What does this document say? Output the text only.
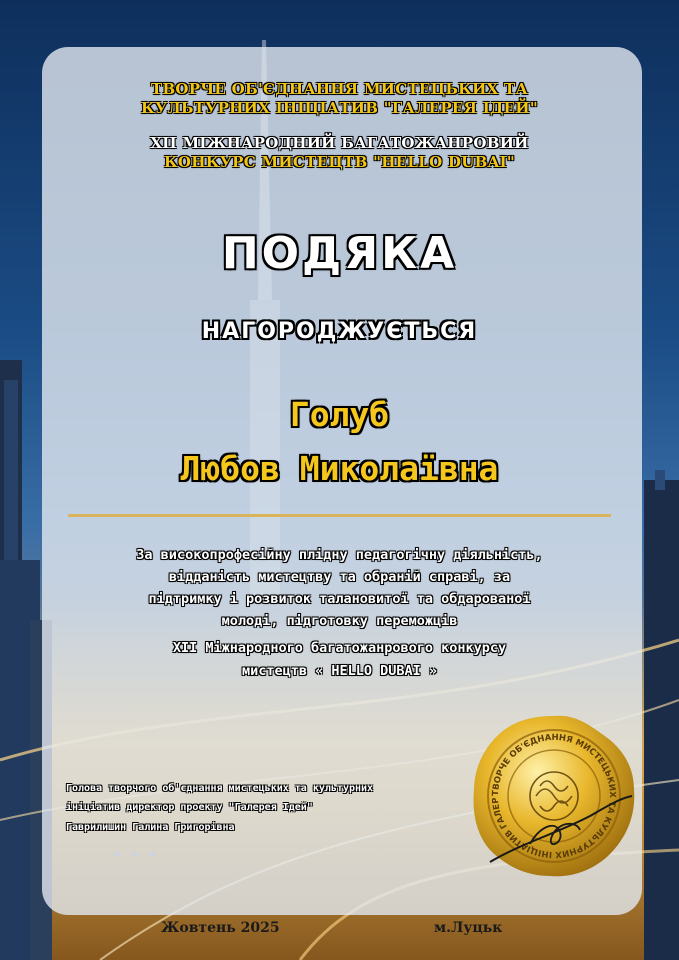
ТВОРЧЕ ОБ'ЄДНАННЯ МИСТЕЦЬКИХ ТА

КУЛЬТУРНИХ ІНІЦІАТИВ "ГАЛЕРЕЯ ІДЕЙ"

XII МІЖНАРОДНИЙ БАГАТОЖАНРОВИЙ

КОНКУРС МИСТЕЦТВ "HELLO DUBAI"

ПОДЯКА

НАГОРОДЖУЄТЬСЯ

Голуб

Любов Миколаївна

За високопрофесійну плідну педагогічну діяльність,

відданість мистецтву та обраній справі, за

підтримку і розвиток талановитої та обдарованої

молоді, підготовку переможців

XII Міжнародного багатожанрового конкурсу

мистецтв « HELLO DUBAI »

Голова творчого об'єднання мистецьких та культурних

ініціатив директор проекту "Галерея Ідей"

Гаврилишин Галина Григорівна

✦ ✦ ✦
ТВОРЧЕ ОБ'ЄДНАННЯ МИСТЕЦЬКИХ ТА КУЛЬТУРНИХ ІНІЦІАТИВ ГАЛЕР

Жовтень 2025	м.Луцьк
